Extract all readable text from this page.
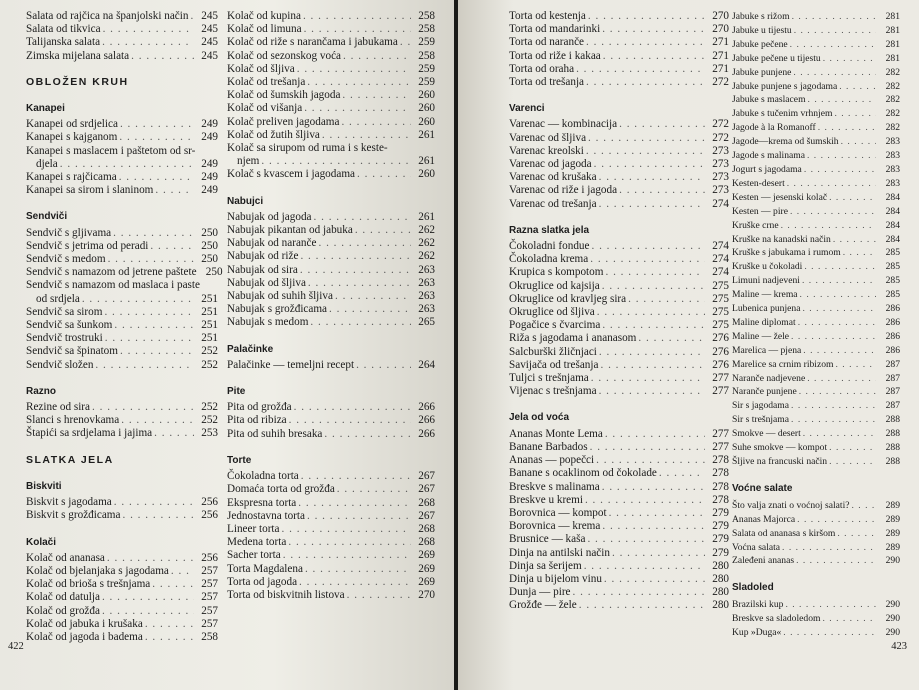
Salata od rajčica na španjolski način . . .	245
Salata od tikvica . . .	245
Talijanska salata . . .	245
Zimska mijelana salata . . .	245
OBLOŽEN KRUH
Kanapei
Kanapei od srdjelica . . .	249
Kanapei s kajganom . . .	249
Kanapei s maslacem i paštetom od sr-
djela . . .	249
Kanapei s rajčicama . . .	249
Kanapei sa sirom i slaninom . . .	249
Sendviči
Sendvič s gljivama . . .	250
Sendvič s jetrima od peradi . . .	250
Sendvič s medom . . .	250
Sendvič s namazom od jetrene paštete 250
Sendvič s namazom od maslaca i paste
od srdjela . . .	251
Sendvič sa sirom . . .	251
Sendvič sa šunkom . . .	251
Sendvič trostruki . . .	251
Sendvič sa špinatom . . .	252
Sendvič složen . . .	252
Razno
Rezine od sira . . .	252
Slanci s hrenovkama . . .	252
Štapići sa srdjelama i jajima . . .	253
SLATKA JELA
Biskviti
Biskvit s jagodama . . .	256
Biskvit s grožđicama . . .	256
Kolači
Kolač od ananasa . . .	256
Kolač od bjelanjaka s jagodama . . .	257
Kolač od brioša s trešnjama . . .	257
Kolač od datulja . . .	257
Kolač od grožđa . . .	257
Kolač od jabuka i krušaka . . .	257
Kolač od jagoda i badema . . .	258
Kolač od kupina . . .	258
Kolač od limuna . . .	258
Kolač od riže s narančama i jabukama . . .	259
Kolač od sezonskog voća . . .	258
Kolač od šljiva . . .	259
Kolač od trešanja . . .	259
Kolač od šumskih jagoda . . .	260
Kolač od višanja . . .	260
Kolač preliven jagodama . . .	260
Kolač od žutih šljiva . . .	261
Kolač sa sirupom od ruma i s keste-
njem . . .	261
Kolač s kvascem i jagodama . . .	260
Nabujci
Nabujak od jagoda . . .	261
Nabujak pikantan od jabuka . . .	262
Nabujak od naranče . . .	262
Nabujak od riže . . .	262
Nabujak od sira . . .	263
Nabujak od šljiva . . .	263
Nabujak od suhih šljiva . . .	263
Nabujak s grožđicama . . .	263
Nabujak s medom . . .	265
Palačinke
Palačinke — temeljni recept . . .	264
Pite
Pita od grožđa . . .	266
Pita od ribiza . . .	266
Pita od suhih bresaka . . .	266
Torte
Čokoladna torta . . .	267
Domaća torta od grožđa . . .	267
Ekspresna torta . . .	268
Jednostavna torta . . .	267
Lineer torta . . .	268
Medena torta . . .	268
Sacher torta . . .	269
Torta Magdalena . . .	269
Torta od jagoda . . .	269
Torta od biskvitnih listova . . .	270
422
Torta od kestenja . . .	270
Torta od mandarinki . . .	270
Torta od naranče . . .	271
Torta od riže i kakaa . . .	271
Torta od oraha . . .	271
Torta od trešanja . . .	272
Varenci
Varenac — kombinacija . . .	272
Varenac od šljiva . . .	272
Varenac kreolski . . .	273
Varenac od jagoda . . .	273
Varenac od krušaka . . .	273
Varenac od riže i jagoda . . .	273
Varenac od trešanja . . .	274
Razna slatka jela
Čokoladni fondue . . .	274
Čokoladna krema . . .	274
Krupica s kompotom . . .	274
Okruglice od kajsija . . .	275
Okruglice od kravljeg sira . . .	275
Okruglice od šljiva . . .	275
Pogačice s čvarcima . . .	275
Riža s jagodama i ananasom . . .	276
Salcburški žličnjaci . . .	276
Savijača od trešanja . . .	276
Tuljci s trešnjama . . .	277
Vijenac s trešnjama . . .	277
Jela od voća
Ananas Monte Lema . . .	277
Banane Barbados . . .	277
Ananas — popečci . . .	278
Banane s ocaklinom od čokolade . . .	278
Breskve s malinama . . .	278
Breskve u kremi . . .	278
Borovnica — kompot . . .	279
Borovnica — krema . . .	279
Brusnice — kaša . . .	279
Dinja na antilski način . . .	279
Dinja sa šerijem . . .	280
Dinja u bijelom vinu . . .	280
Dunja — pire . . .	280
Grožđe — žele . . .	280
Jabuke s rižom . . .	281
Jabuke u tijestu . . .	281
Jabuke pečene . . .	281
Jabuke pečene u tijestu . . .	281
Jabuke punjene . . .	282
Jabuke punjene s jagodama . . .	282
Jabuke s maslacem . . .	282
Jabuke s tučenim vrhnjem . . .	282
Jagode à la Romanoff . . .	282
Jagode—krema od šumskih . . .	283
Jagode s malinama . . .	283
Jogurt s jagodama . . .	283
Kesten-desert . . .	283
Kesten — jesenski kolač . . .	284
Kesten — pire . . .	284
Kruške crne . . .	284
Kruške na kanadski način . . .	284
Kruške s jabukama i rumom . . .	285
Kruške u čokoladi . . .	285
Limuni nadjeveni . . .	285
Maline — krema . . .	285
Lubenica punjena . . .	286
Maline diplomat . . .	286
Maline — žele . . .	286
Marelica — pjena . . .	286
Marelice sa crnim ribizom . . .	287
Naranče nadjevene . . .	287
Naranče punjene . . .	287
Sir s jagodama . . .	287
Sir s trešnjama . . .	288
Smokve — desert . . .	288
Suhe smokve — kompot . . .	288
Šljive na francuski način . . .	288
Voćne salate
Što valja znati o voćnoj salati? . . .	289
Ananas Majorca . . .	289
Salata od ananasa s kiršom . . .	289
Voćna salata . . .	289
Zaleđeni ananas . . .	290
Sladoled
Brazilski kup . . .	290
Breskve sa sladoledom . . .	290
Kup »Duga« . . .	290
423
